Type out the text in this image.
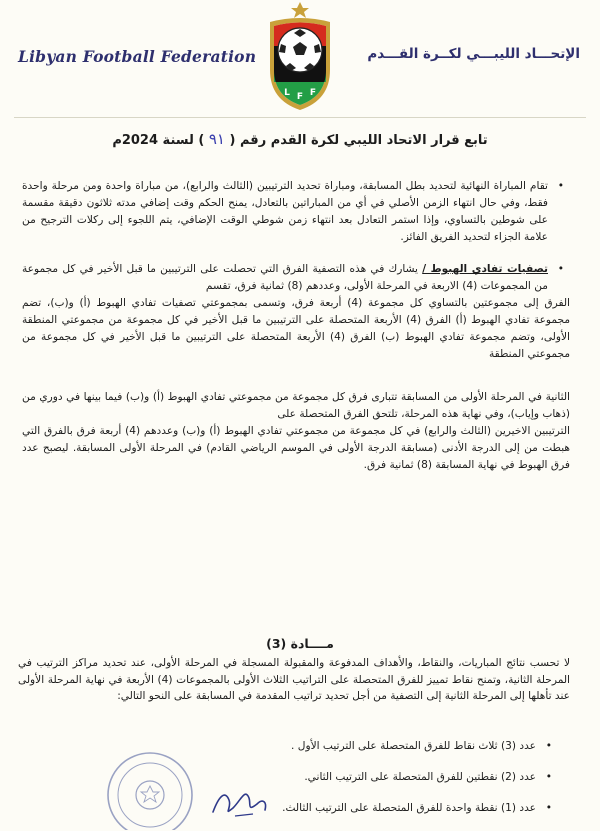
Libyan Football Federation
L F F
الإتحـــاد الليبـــي لكــرة القـــدم
تابع قرار الاتحاد الليبي لكرة القدم رقم ( ٩١ ) لسنة 2024م

•
تقام المباراة النهائية لتحديد بطل المسابقة، ومباراة تحديد الترتيبين (الثالث والرابع)، من مباراة واحدة ومن مرحلة واحدة فقط، وفي حال انتهاء الزمن الأصلي في أي من المباراتين بالتعادل، يمنح الحكم وقت إضافي مدته ثلاثون دقيقة مقسمة على شوطين بالتساوي، وإذا استمر التعادل بعد انتهاء زمن شوطي الوقت الإضافي، يتم اللجوء إلى ركلات الترجيح من علامة الجزاء لتحديد الفريق الفائز.

•
تصفيات تفادي الهبوط / يشارك في هذه التصفية الفرق التي تحصلت على الترتيبين ما قبل الأخير في كل مجموعة من المجموعات (4) الاربعة في المرحلة الأولى، وعددهم (8) ثمانية فرق، تقسم

الفرق إلى مجموعتين بالتساوي كل مجموعة (4) أربعة فرق، وتسمى بمجموعتي تصفيات تفادي الهبوط (أ) و(ب)، تضم مجموعة تفادي الهبوط (أ) الفرق (4) الأربعة المتحصلة على الترتيبين ما قبل الأخير في كل مجموعة من مجموعتي المنطقة الأولى، وتضم مجموعة تفادي الهبوط (ب) الفرق (4) الأربعة المتحصلة على الترتيبين ما قبل الأخير في كل مجموعة من مجموعتي المنطقة

الثانية في المرحلة الأولى من المسابقة تتبارى فرق كل مجموعة من مجموعتي تفادي الهبوط (أ) و(ب) فيما بينها في دوري من (ذهاب وإياب)، وفي نهاية هذه المرحلة، تلتحق الفرق المتحصلة على

الترتيبين الاخيرين (الثالث والرابع) في كل مجموعة من مجموعتي تفادي الهبوط (أ) و(ب) وعددهم (4) أربعة فرق بالفرق التي هبطت من إلى الدرجة الأدنى (مسابقة الدرجة الأولى في الموسم الرياضي القادم) في المرحلة الأولى المسابقة. ليصبح عدد فرق الهبوط في نهاية المسابقة (8) ثمانية فرق.

مــــادة (3)
لا تحسب نتائج المباريات، والنقاط، والأهداف المدفوعة والمقبولة المسجلة في المرحلة الأولى، عند تحديد مراكز الترتيب في المرحلة الثانية، وتمنح نقاط تمييز للفرق المتحصلة على التراتيب الثلاث الأولى بالمجموعات (4) الأربعة في نهاية المرحلة الأولى عند تأهلها إلى المرحلة الثانية إلى التصفية من أجل تحديد تراتيب المقدمة في المسابقة على النحو التالي:
•
عدد (3) ثلاث نقاط للفرق المتحصلة على الترتيب الأول .
•
عدد (2) نقطتين للفرق المتحصلة على الترتيب الثاني.
•
عدد (1) نقطة واحدة للفرق المتحصلة على الترتيب الثالث.
